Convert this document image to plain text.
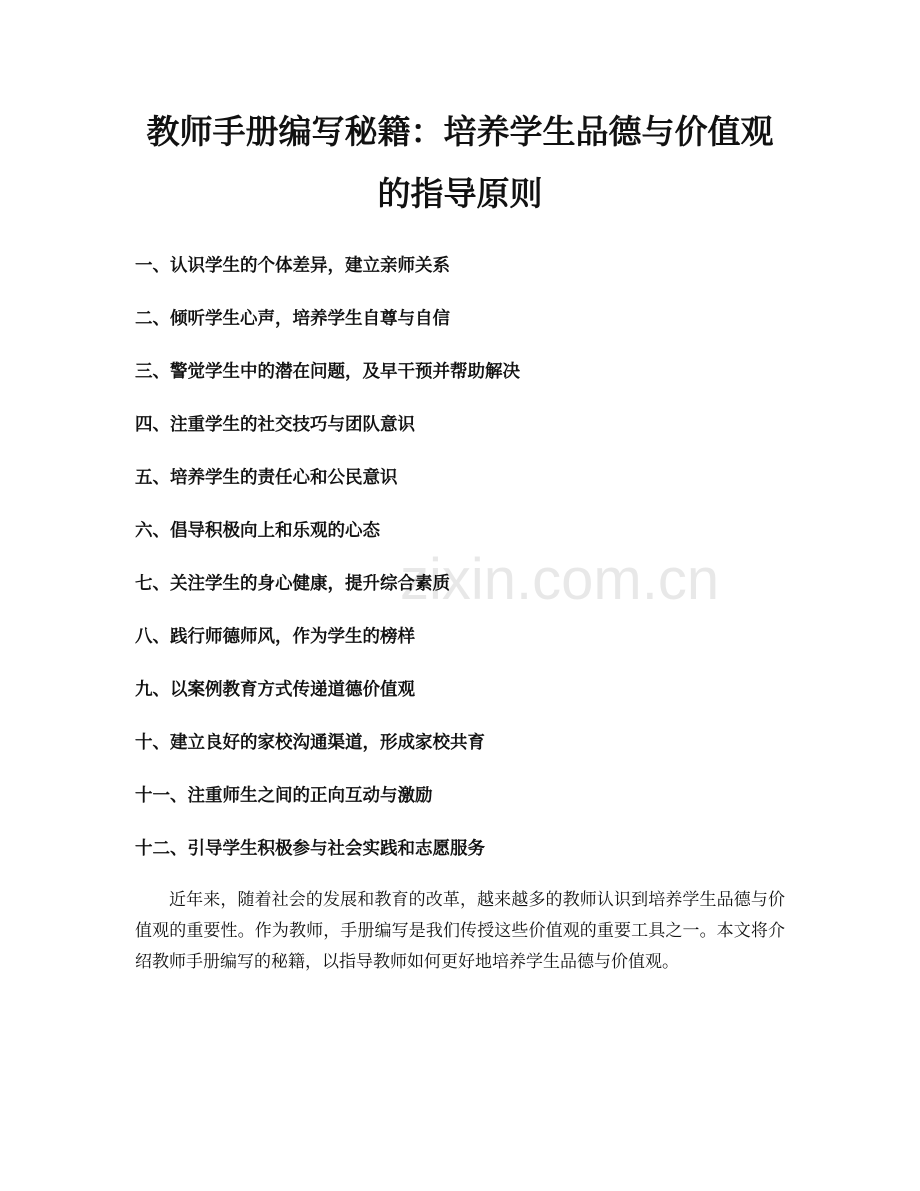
教师手册编写秘籍：培养学生品德与价值观
的指导原则
一、认识学生的个体差异，建立亲师关系
二、倾听学生心声，培养学生自尊与自信
三、警觉学生中的潜在问题，及早干预并帮助解决
四、注重学生的社交技巧与团队意识
五、培养学生的责任心和公民意识
六、倡导积极向上和乐观的心态
七、关注学生的身心健康，提升综合素质
八、践行师德师风，作为学生的榜样
九、以案例教育方式传递道德价值观
十、建立良好的家校沟通渠道，形成家校共育
十一、注重师生之间的正向互动与激励
十二、引导学生积极参与社会实践和志愿服务

近年来，随着社会的发展和教育的改革，越来越多的教师认识到培养学生品德与价值观的重要性。作为教师，手册编写是我们传授这些价值观的重要工具之一。本文将介绍教师手册编写的秘籍，以指导教师如何更好地培养学生品德与价值观。

zixin.com.cn
